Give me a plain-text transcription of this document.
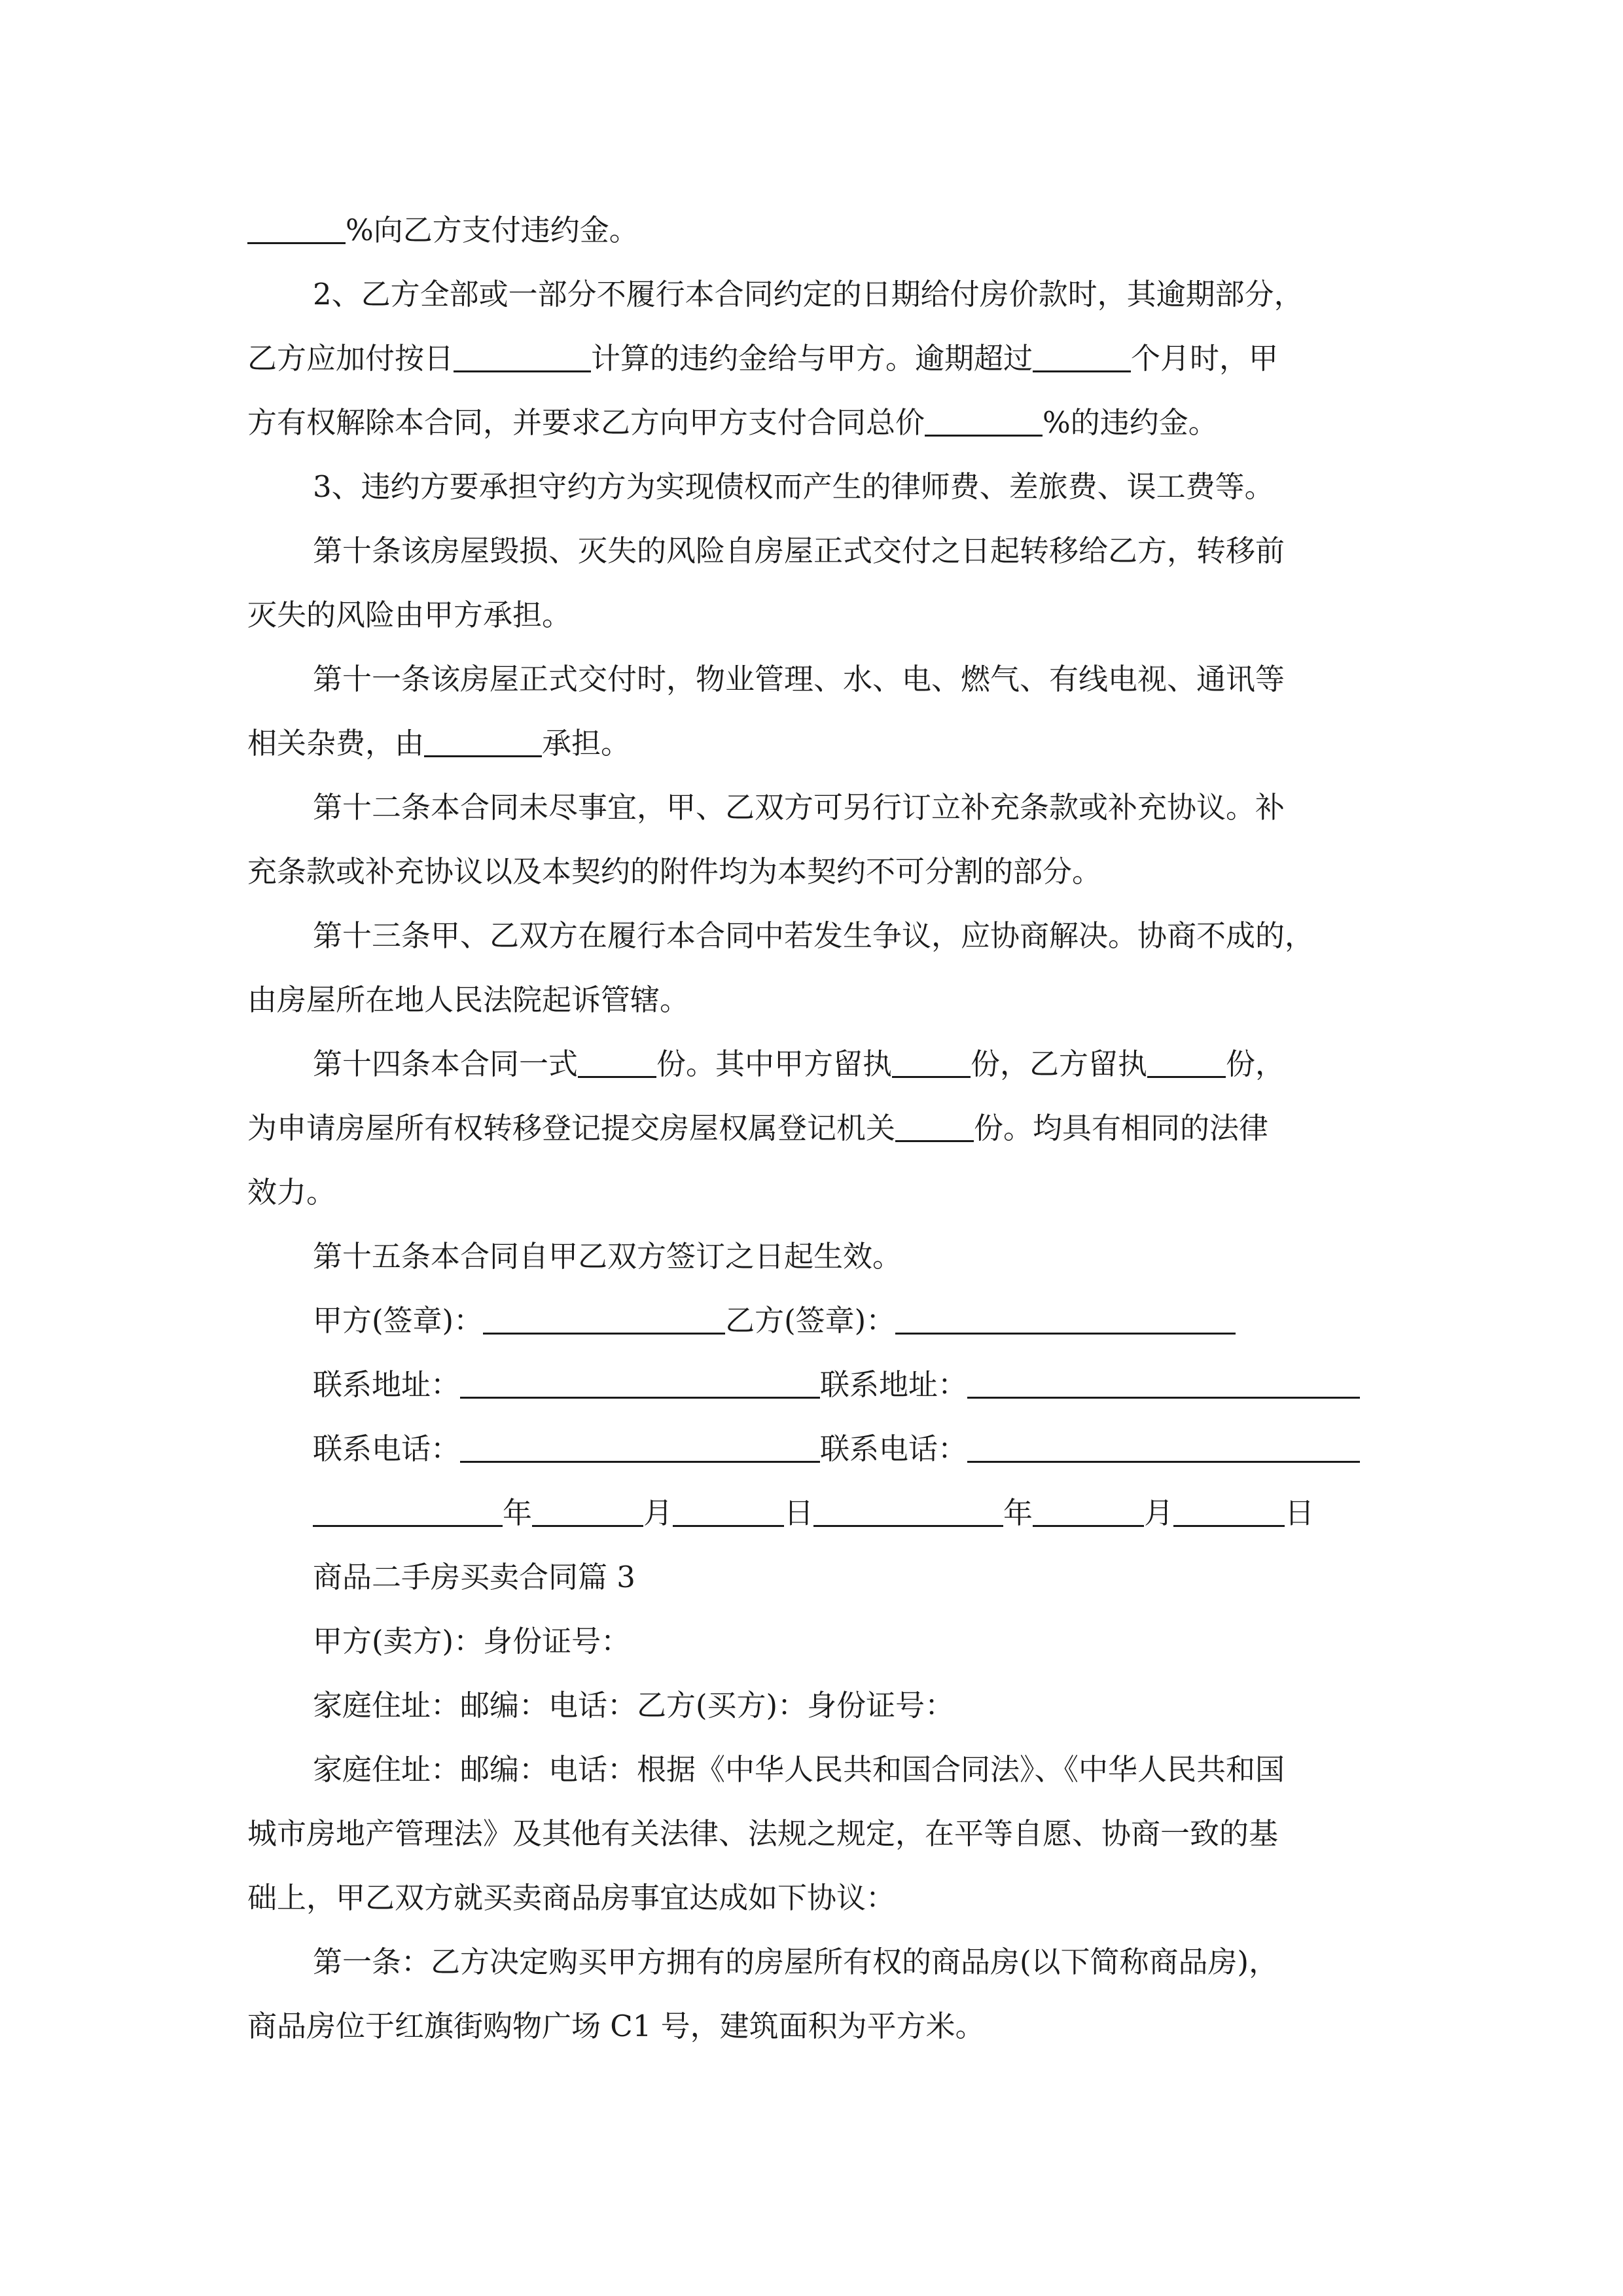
%向乙方支付违约金。
2、乙方全部或一部分不履行本合同约定的日期给付房价款时，其逾期部分，
乙方应加付按日	计算的违约金给与甲方。逾期超过	个月时，甲
方有权解除本合同，并要求乙方向甲方支付合同总价	%的违约金。
3、违约方要承担守约方为实现债权而产生的律师费、差旅费、误工费等。
第十条该房屋毁损、灭失的风险自房屋正式交付之日起转移给乙方，转移前
灭失的风险由甲方承担。
第十一条该房屋正式交付时，物业管理、水、电、燃气、有线电视、通讯等
相关杂费，由	承担。
第十二条本合同未尽事宜，甲、乙双方可另行订立补充条款或补充协议。补
充条款或补充协议以及本契约的附件均为本契约不可分割的部分。
第十三条甲、乙双方在履行本合同中若发生争议，应协商解决。协商不成的，
由房屋所在地人民法院起诉管辖。
第十四条本合同一式	份。其中甲方留执	份，乙方留执	份，
为申请房屋所有权转移登记提交房屋权属登记机关	份。均具有相同的法律
效力。
第十五条本合同自甲乙双方签订之日起生效。
甲方(签章)：	乙方(签章)：
联系地址：	联系地址：
联系电话：	联系电话：
年	月	日	年	月	日
商品二手房买卖合同篇 3
甲方(卖方)：身份证号：
家庭住址：邮编：电话：乙方(买方)：身份证号：
家庭住址：邮编：电话：根据《中华人民共和国合同法》、《中华人民共和国
城市房地产管理法》及其他有关法律、法规之规定，在平等自愿、协商一致的基
础上，甲乙双方就买卖商品房事宜达成如下协议：
第一条：乙方决定购买甲方拥有的房屋所有权的商品房(以下简称商品房)，
商品房位于红旗街购物广场 C1 号，建筑面积为平方米。
